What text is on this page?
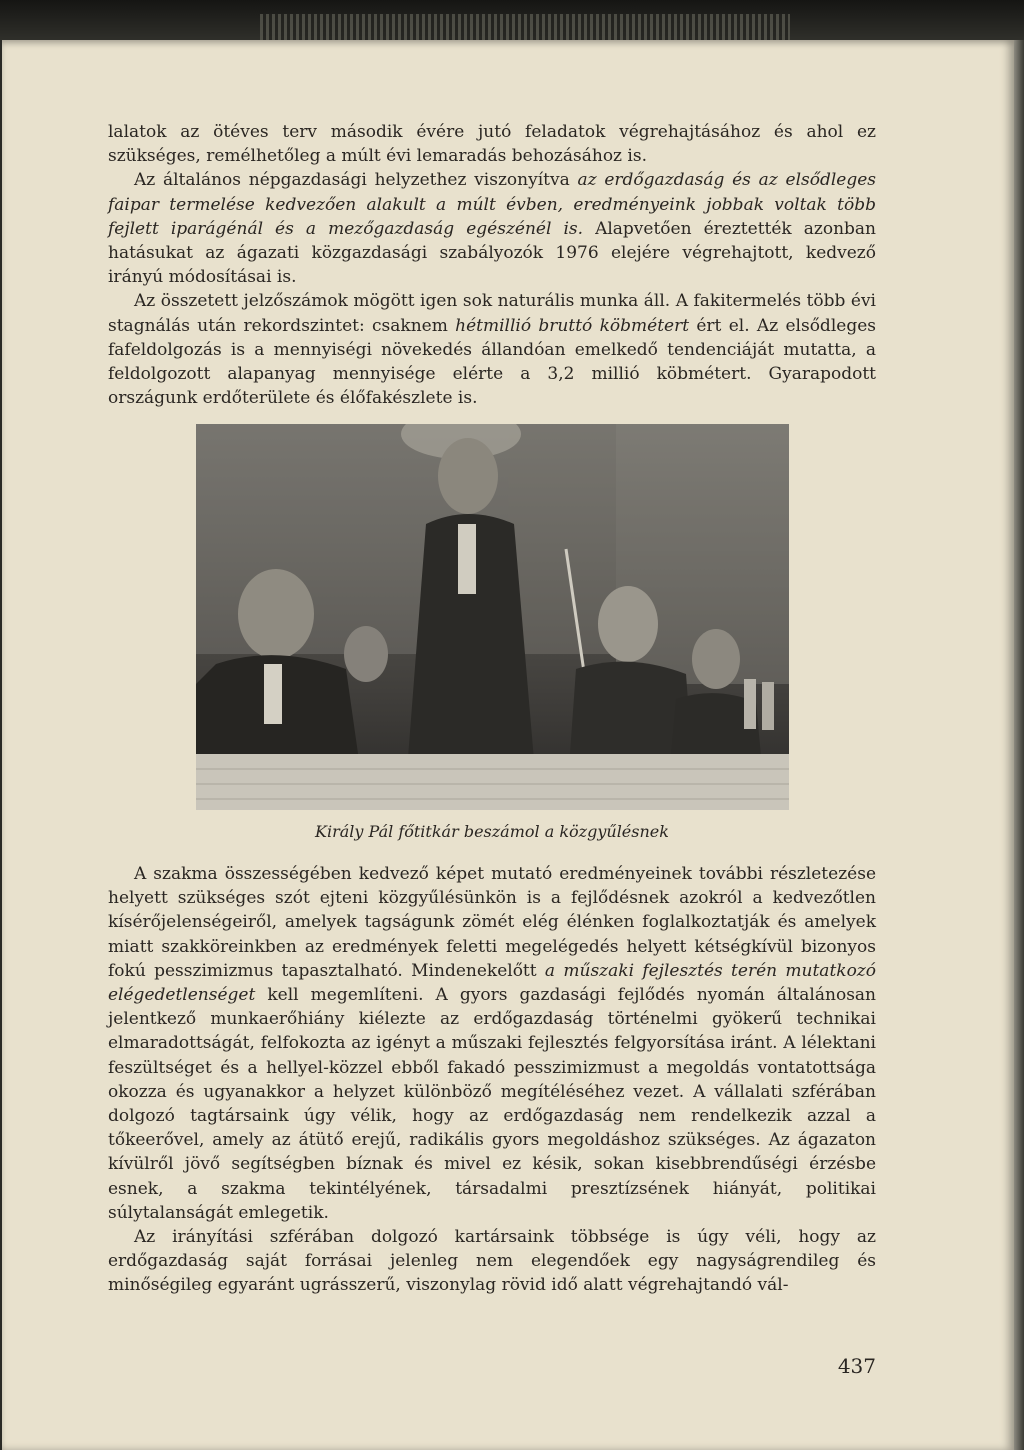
lalatok az ötéves terv második évére jutó feladatok végrehajtásához és ahol ez szükséges, remélhetőleg a múlt évi lemaradás behozásához is.

Az általános népgazdasági helyzethez viszonyítva az erdőgazdaság és az elsődleges faipar termelése kedvezően alakult a múlt évben, eredményeink jobbak voltak több fejlett iparágénál és a mezőgazdaság egészénél is. Alapvetően éreztették azonban hatásukat az ágazati közgazdasági szabályozók 1976 elejére végrehajtott, kedvező irányú módosításai is.

Az összetett jelzőszámok mögött igen sok naturális munka áll. A fakitermelés több évi stagnálás után rekordszintet: csaknem hétmillió bruttó köbmétert ért el. Az elsődleges fafeldolgozás is a mennyiségi növekedés állandóan emelkedő tendenciáját mutatta, a feldolgozott alapanyag mennyisége elérte a 3,2 millió köbmétert. Gyarapodott országunk erdőterülete és élőfakészlete is.

Király Pál főtitkár beszámol a közgyűlésnek

A szakma összességében kedvező képet mutató eredményeinek további részletezése helyett szükséges szót ejteni közgyűlésünkön is a fejlődésnek azokról a kedvezőtlen kísérőjelenségeiről, amelyek tagságunk zömét elég élénken foglalkoztatják és amelyek miatt szakköreinkben az eredmények feletti megelégedés helyett kétségkívül bizonyos fokú pesszimizmus tapasztalható. Mindenekelőtt a műszaki fejlesztés terén mutatkozó elégedetlenséget kell megemlíteni. A gyors gazdasági fejlődés nyomán általánosan jelentkező munkaerőhiány kiélezte az erdőgazdaság történelmi gyökerű technikai elmaradottságát, felfokozta az igényt a műszaki fejlesztés felgyorsítása iránt. A lélektani feszültséget és a hellyel-közzel ebből fakadó pesszimizmust a megoldás vontatottsága okozza és ugyanakkor a helyzet különböző megítéléséhez vezet. A vállalati szférában dolgozó tagtársaink úgy vélik, hogy az erdőgazdaság nem rendelkezik azzal a tőkeerővel, amely az átütő erejű, radikális gyors megoldáshoz szükséges. Az ágazaton kívülről jövő segítségben bíznak és mivel ez késik, sokan kisebbrendűségi érzésbe esnek, a szakma tekintélyének, társadalmi presztízsének hiányát, politikai súlytalanságát emlegetik.

Az irányítási szférában dolgozó kartársaink többsége is úgy véli, hogy az erdőgazdaság saját forrásai jelenleg nem elegendőek egy nagyságrendileg és minőségileg egyaránt ugrásszerű, viszonylag rövid idő alatt végrehajtandó vál-

437
